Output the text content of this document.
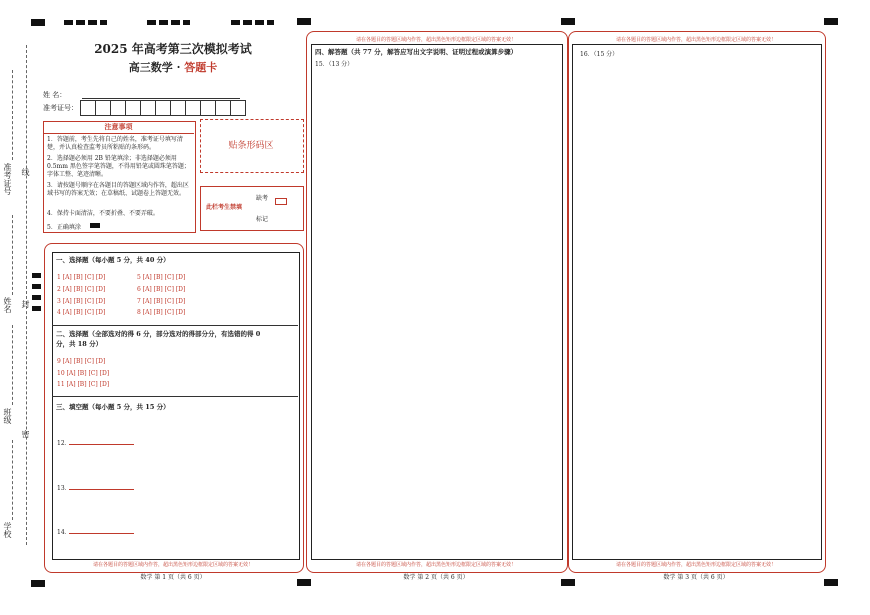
准考证号 线
姓名 封
班级
密
学校
2025 年高考第三次模拟考试
高三数学 · 答题卡
姓 名：
准考证号：
注意事项
1．答题前，考生先将自己的姓名，准考证号填写清楚，并认真检查监考员所粘贴的条形码。
2．选择题必须用 2B 铅笔填涂；非选择题必须用 0.5mm 黑色签字笔答题，不得用铅笔或圆珠笔答题；字体工整、笔迹清晰。
3．请按题号顺序在各题目的答题区域内作答，超出区域书写的答案无效；在草稿纸、试题卷上答题无效。
4．保持卡面清洁，不要折叠、不要弄破。
5．正确填涂
贴条形码区
此栏考生禁填
缺考
标记
一、选择题（每小题 5 分，共 40 分）
1 [A] [B] [C] [D]
2 [A] [B] [C] [D]
3 [A] [B] [C] [D]
4 [A] [B] [C] [D]
5 [A] [B] [C] [D]
6 [A] [B] [C] [D]
7 [A] [B] [C] [D]
8 [A] [B] [C] [D]
二、选择题（全部选对的得 6 分，部分选对的得部分分，有选错的得 0
分，共 18 分）
9 [A] [B] [C] [D]
10 [A] [B] [C] [D]
11 [A] [B] [C] [D]
三、填空题（每小题 5 分，共 15 分）
12．
13．
14．
请在各题目的答题区域内作答，超出黑色矩形边框限定区域的答案无效！
数学 第 1 页（共 6 页）
请在各题目的答题区域内作答，超出黑色矩形边框限定区域的答案无效！
四、解答题（共 77 分，解答应写出文字说明、证明过程或演算步骤）
15．（13 分）
请在各题目的答题区域内作答，超出黑色矩形边框限定区域的答案无效！
数学 第 2 页（共 6 页）
请在各题目的答题区域内作答，超出黑色矩形边框限定区域的答案无效！
16．（15 分）
请在各题目的答题区域内作答，超出黑色矩形边框限定区域的答案无效！
数学 第 3 页（共 6 页）
